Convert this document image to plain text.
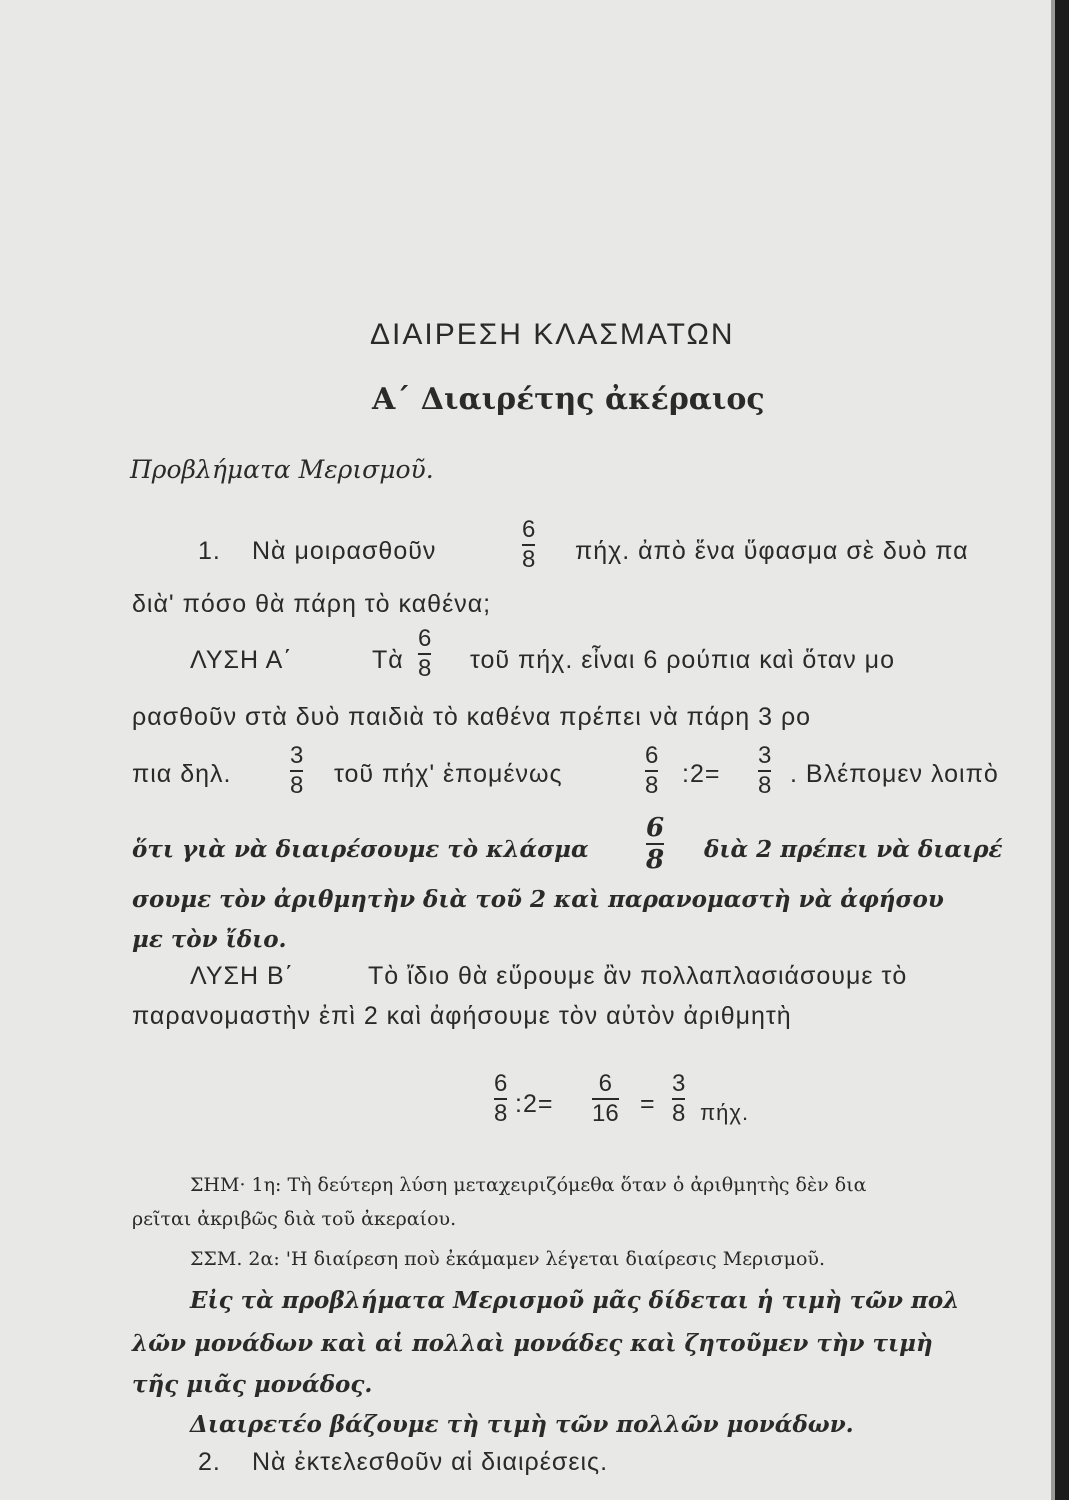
ΔΙΑΙΡΕΣΗ ΚΛΑΣΜΑΤΩΝ
Α΄ Διαιρέτης ἀκέραιος
Προβλήματα Μερισμοῦ.
1. Νὰ μοιρασθοῦν
6
8 πήχ. ἀπὸ ἕνα ὕφασμα σὲ δυὸ πα
διὰ' πόσο θὰ πάρη τὸ καθένα;
ΛΥΣΗ Α΄	Τὰ
6
8 τοῦ πήχ. εἶναι 6 ρούπια καὶ ὅταν μο
ρασθοῦν στὰ δυὸ παιδιὰ τὸ καθένα πρέπει νὰ πάρη 3 ρο
πια δηλ.
3
8 τοῦ πήχ' ἑπομένως
6
8 :2=
3
8 . Βλέπομεν λοιπὸ
ὅτι γιὰ νὰ διαιρέσουμε τὸ κλάσμα
6
8 διὰ 2 πρέπει νὰ διαιρέ
σουμε τὸν ἀριθμητὴν διὰ τοῦ 2 καὶ παρανομαστὴ νὰ ἀφήσου
με τὸν ἴδιο.
ΛΥΣΗ Β΄	Τὸ ἴδιο θὰ εὕρουμε ἂν πολλαπλασιάσουμε τὸ
παρανομαστὴν ἐπὶ 2 καὶ ἀφήσουμε τὸν αὐτὸν ἀριθμητὴ
6
8 :2=
6
16 =
3
8 πήχ.
ΣΗΜ· 1η: Τὴ δεύτερη λύση μεταχειριζόμεθα ὅταν ὁ ἀριθμητὴς δὲν δια
ρεῖται ἀκριβῶς διὰ τοῦ ἀκεραίου.
ΣΣΜ. 2α: 'Η διαίρεση ποὺ ἐκάμαμεν λέγεται διαίρεσις Μερισμοῦ.
Εἰς τὰ προβλήματα Μερισμοῦ μᾶς δίδεται ἡ τιμὴ τῶν πολ
λῶν μονάδων καὶ αἱ πολλαὶ μονάδες καὶ ζητοῦμεν τὴν τιμὴ
τῆς μιᾶς μονάδος.
Διαιρετέο βάζουμε τὴ τιμὴ τῶν πολλῶν μονάδων.
2. Νὰ ἐκτελεσθοῦν αἱ διαιρέσεις.
